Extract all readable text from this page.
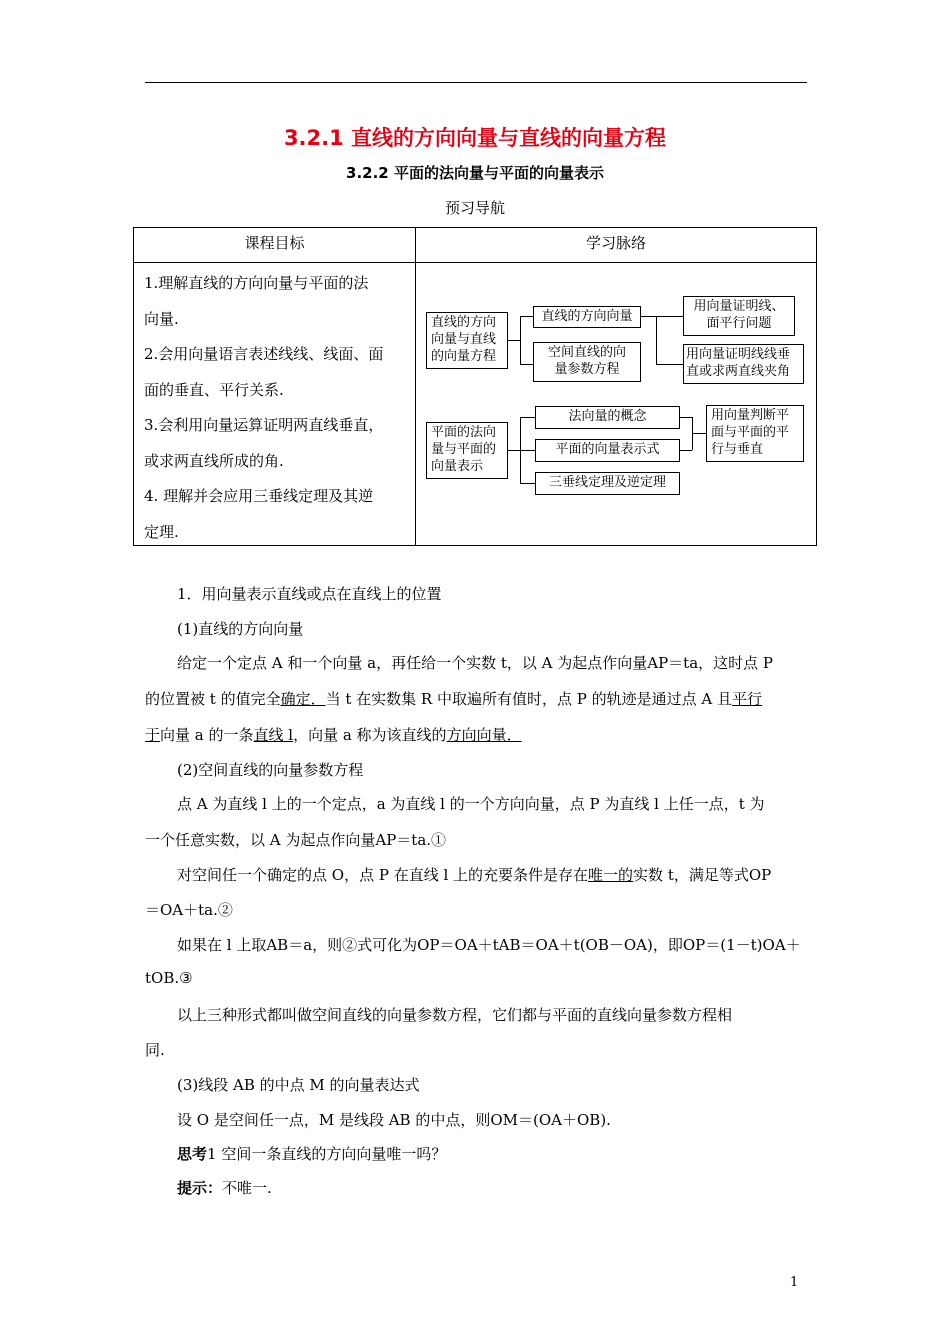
3.2.1 直线的方向向量与直线的向量方程
3.2.2 平面的法向量与平面的向量表示
预习导航
课程目标	学习脉络

1.理解直线的方向向量与平面的法

向量.

2.会用向量语言表述线线、线面、面

面的垂直、平行关系.

3.会利用向量运算证明两直线垂直，

或求两直线所成的角.

4. 理解并会应用三垂线定理及其逆

定理.

直线的方向
向量与直线
的向量方程
直线的方向向量
空间直线的向
量参数方程
用向量证明线、
面平行问题
用向量证明线线垂
直或求两直线夹角
平面的法向
量与平面的
向量表示
法向量的概念
平面的向量表示式
三垂线定理及逆定理
用向量判断平
面与平面的平
行与垂直
1．用向量表示直线或点在直线上的位置
(1)直线的方向向量
给定一个定点 A 和一个向量 a，再任给一个实数 t，以 A 为起点作向量AP＝ta，这时点 P
的位置被 t 的值完全确定．当 t 在实数集 R 中取遍所有值时，点 P 的轨迹是通过点 A 且平行
于向量 a 的一条直线 l，向量 a 称为该直线的方向向量．
(2)空间直线的向量参数方程
点 A 为直线 l 上的一个定点，a 为直线 l 的一个方向向量，点 P 为直线 l 上任一点，t 为
一个任意实数，以 A 为起点作向量AP＝ta.①
对空间任一个确定的点 O，点 P 在直线 l 上的充要条件是存在唯一的实数 t，满足等式OP
＝OA＋ta.②
如果在 l 上取AB＝a，则②式可化为OP＝OA＋tAB＝OA＋t(OB－OA)，即OP＝(1－t)OA＋
tOB.③
以上三种形式都叫做空间直线的向量参数方程，它们都与平面的直线向量参数方程相
同.
(3)线段 AB 的中点 M 的向量表达式
设 O 是空间任一点，M 是线段 AB 的中点，则OM＝(OA＋OB).
思考1 空间一条直线的方向向量唯一吗？
提示：不唯一.
1
